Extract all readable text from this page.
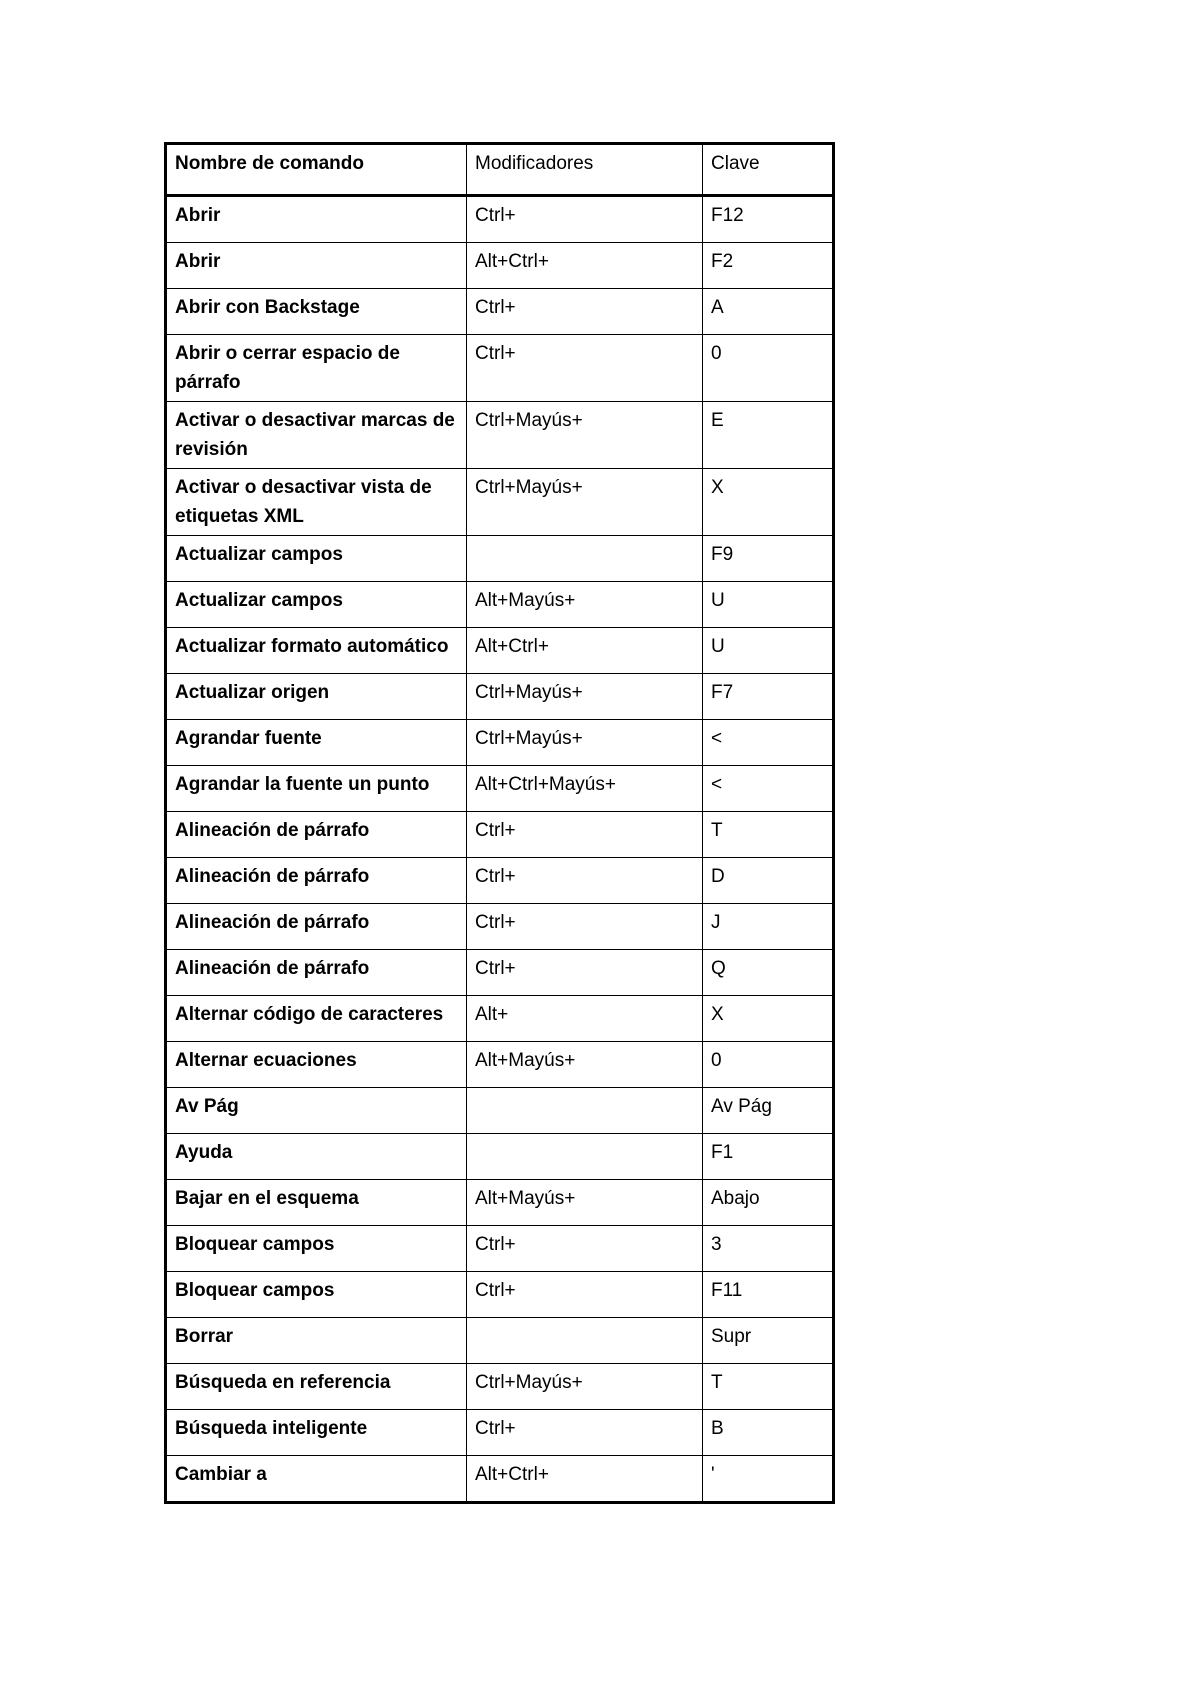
Nombre de comando	Modificadores	Clave
Abrir	Ctrl+	F12
Abrir	Alt+Ctrl+	F2
Abrir con Backstage	Ctrl+	A
Abrir o cerrar espacio de párrafo	Ctrl+	0
Activar o desactivar marcas de revisión	Ctrl+Mayús+	E
Activar o desactivar vista de etiquetas XML	Ctrl+Mayús+	X
Actualizar campos		F9
Actualizar campos	Alt+Mayús+	U
Actualizar formato automático	Alt+Ctrl+	U
Actualizar origen	Ctrl+Mayús+	F7
Agrandar fuente	Ctrl+Mayús+	<
Agrandar la fuente un punto	Alt+Ctrl+Mayús+	<
Alineación de párrafo	Ctrl+	T
Alineación de párrafo	Ctrl+	D
Alineación de párrafo	Ctrl+	J
Alineación de párrafo	Ctrl+	Q
Alternar código de caracteres	Alt+	X
Alternar ecuaciones	Alt+Mayús+	0
Av Pág		Av Pág
Ayuda		F1
Bajar en el esquema	Alt+Mayús+	Abajo
Bloquear campos	Ctrl+	3
Bloquear campos	Ctrl+	F11
Borrar		Supr
Búsqueda en referencia	Ctrl+Mayús+	T
Búsqueda inteligente	Ctrl+	B
Cambiar a	Alt+Ctrl+	'
